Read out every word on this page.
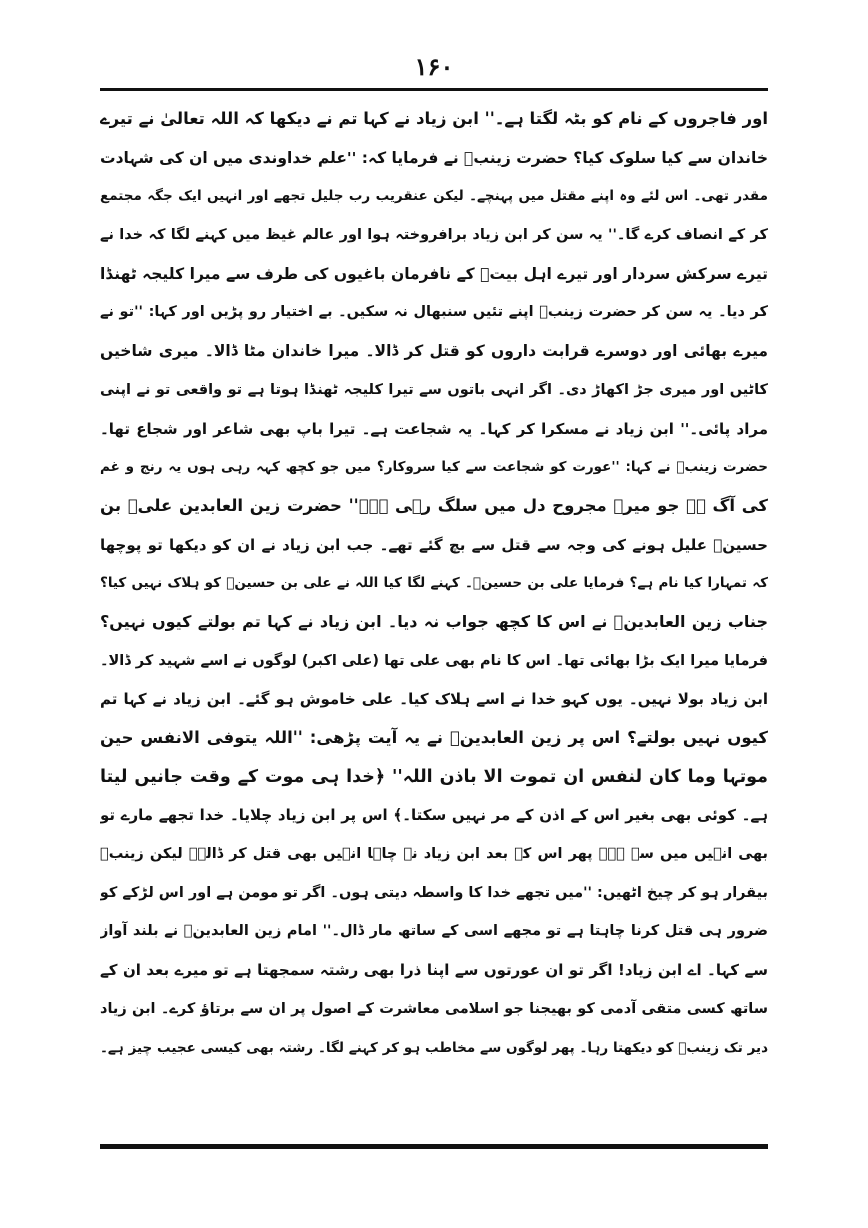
۱۶۰
اور فاجروں کے نام کو بٹہ لگتا ہے۔'' ابن زیاد نے کہا تم نے دیکھا کہ اللہ تعالیٰ نے تیرے
خاندان سے کیا سلوک کیا؟ حضرت زینبؓ نے فرمایا کہ: ''علم خداوندی میں ان کی شہادت
مقدر تھی۔ اس لئے وہ اپنے مقتل میں پہنچے۔ لیکن عنقریب رب جلیل تجھے اور انہیں ایک جگہ مجتمع
کر کے انصاف کرے گا۔'' یہ سن کر ابن زیاد برافروختہ ہوا اور عالم غیظ میں کہنے لگا کہ خدا نے
تیرے سرکش سردار اور تیرے اہل بیتؓ کے نافرمان باغیوں کی طرف سے میرا کلیجہ ٹھنڈا
کر دیا۔ یہ سن کر حضرت زینبؓ اپنے تئیں سنبھال نہ سکیں۔ بے اختیار رو پڑیں اور کہا: ''تو نے
میرے بھائی اور دوسرے قرابت داروں کو قتل کر ڈالا۔ میرا خاندان مٹا ڈالا۔ میری شاخیں
کاٹیں اور میری جڑ اکھاڑ دی۔ اگر انہی باتوں سے تیرا کلیجہ ٹھنڈا ہوتا ہے تو واقعی تو نے اپنی
مراد پائی۔'' ابن زیاد نے مسکرا کر کہا۔ یہ شجاعت ہے۔ تیرا باپ بھی شاعر اور شجاع تھا۔
حضرت زینبؓ نے کہا: ''عورت کو شجاعت سے کیا سروکار؟ میں جو کچھ کہہ رہی ہوں یہ رنج و غم
کی آگ ہے جو میرے مجروح دل میں سلگ رہی ہے۔'' حضرت زین العابدین علیؓ بن
حسینؓ علیل ہونے کی وجہ سے قتل سے بچ گئے تھے۔ جب ابن زیاد نے ان کو دیکھا تو پوچھا
کہ تمہارا کیا نام ہے؟ فرمایا علی بن حسینؓ۔ کہنے لگا کیا اللہ نے علی بن حسینؓ کو ہلاک نہیں کیا؟
جناب زین العابدینؓ نے اس کا کچھ جواب نہ دیا۔ ابن زیاد نے کہا تم بولتے کیوں نہیں؟
فرمایا میرا ایک بڑا بھائی تھا۔ اس کا نام بھی علی تھا (علی اکبر) لوگوں نے اسے شہید کر ڈالا۔
ابن زیاد بولا نہیں۔ یوں کہو خدا نے اسے ہلاک کیا۔ علی خاموش ہو گئے۔ ابن زیاد نے کہا تم
کیوں نہیں بولتے؟ اس پر زین العابدینؓ نے یہ آیت پڑھی: ''اللہ یتوفی الانفس حین
موتہا وما کان لنفس ان تموت الا باذن اللہ'' ﴿خدا ہی موت کے وقت جانیں لیتا
ہے۔ کوئی بھی بغیر اس کے اذن کے مر نہیں سکتا۔﴾ اس پر ابن زیاد چلایا۔ خدا تجھے مارے تو
بھی انہیں میں سے ہے۔ پھر اس کے بعد ابن زیاد نے چاہا انہیں بھی قتل کر ڈالے۔ لیکن زینبؓ
بیقرار ہو کر چیخ اٹھیں: ''میں تجھے خدا کا واسطہ دیتی ہوں۔ اگر تو مومن ہے اور اس لڑکے کو
ضرور ہی قتل کرنا چاہتا ہے تو مجھے اسی کے ساتھ مار ڈال۔'' امام زین العابدینؓ نے بلند آواز
سے کہا۔ اے ابن زیاد! اگر تو ان عورتوں سے اپنا ذرا بھی رشتہ سمجھتا ہے تو میرے بعد ان کے
ساتھ کسی متقی آدمی کو بھیجنا جو اسلامی معاشرت کے اصول پر ان سے برتاؤ کرے۔ ابن زیاد
دیر تک زینبؓ کو دیکھتا رہا۔ پھر لوگوں سے مخاطب ہو کر کہنے لگا۔ رشتہ بھی کیسی عجیب چیز ہے۔
